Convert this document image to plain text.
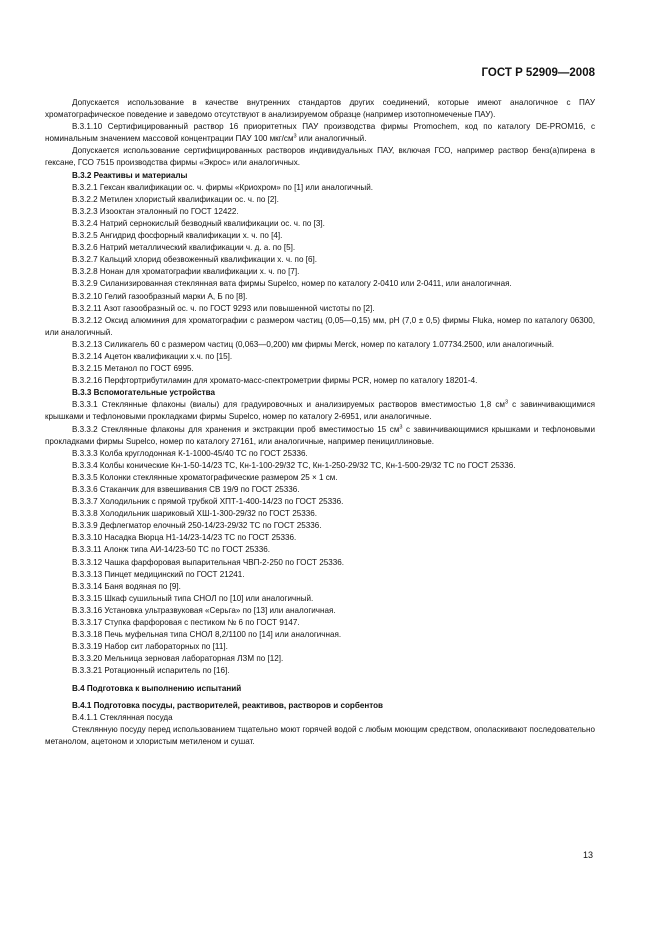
ГОСТ Р 52909—2008

Допускается использование в качестве внутренних стандартов других соединений, которые имеют аналогичное с ПАУ хроматографическое поведение и заведомо отсутствуют в анализируемом образце (например изотопномеченые ПАУ).

В.3.1.10 Сертифицированный раствор 16 приоритетных ПАУ производства фирмы Promochem, код по каталогу DE-PROM16, с номинальным значением массовой концентрации ПАУ 100 мкг/$см^3$ или аналогичный.

Допускается использование сертифицированных растворов индивидуальных ПАУ, включая ГСО, например раствор бенз(а)пирена в гексане, ГСО 7515 производства фирмы «Экрос» или аналогичных.

В.3.2 Реактивы и материалы

В.3.2.1 Гексан квалификации ос. ч. фирмы «Криохром» по [1] или аналогичный.

В.3.2.2 Метилен хлористый квалификации ос. ч. по [2].

В.3.2.3 Изооктан эталонный по ГОСТ 12422.

В.3.2.4 Натрий сернокислый безводный квалификации ос. ч. по [3].

В.3.2.5 Ангидрид фосфорный квалификации х. ч. по [4].

В.3.2.6 Натрий металлический квалификации ч. д. а. по [5].

В.3.2.7 Кальций хлорид обезвоженный квалификации х. ч. по [6].

В.3.2.8 Нонан для хроматографии квалификации х. ч. по [7].

В.3.2.9 Силанизированная стеклянная вата фирмы Supelco, номер по каталогу 2-0410 или 2-0411, или аналогичная.

В.3.2.10 Гелий газообразный марки А, Б по [8].

В.3.2.11 Азот газообразный ос. ч. по ГОСТ 9293 или повышенной чистоты по [2].

В.3.2.12 Оксид алюминия для хроматографии с размером частиц (0,05—0,15) мм, pH (7,0 ± 0,5) фирмы Fluka, номер по каталогу 06300, или аналогичный.

В.3.2.13 Силикагель 60 с размером частиц (0,063—0,200) мм фирмы Merck, номер по каталогу 1.07734.2500, или аналогичный.

В.3.2.14 Ацетон квалификации х.ч. по [15].

В.3.2.15 Метанол по ГОСТ 6995.

В.3.2.16 Перфтортрибутиламин для хромато-масс-спектрометрии фирмы PCR, номер по каталогу 18201-4.

В.3.3 Вспомогательные устройства

В.3.3.1 Стеклянные флаконы (виалы) для градуировочных и анализируемых растворов вместимостью 1,8 $см^3$ с завинчивающимися крышками и тефлоновыми прокладками фирмы Supelco, номер по каталогу 2-6951, или аналогичные.

В.3.3.2 Стеклянные флаконы для хранения и экстракции проб вместимостью 15 $см^3$ с завинчивающимися крышками и тефлоновыми прокладками фирмы Supelco, номер по каталогу 27161, или аналогичные, например пенициллиновые.

В.3.3.3 Колба круглодонная К-1-1000-45/40 ТС по ГОСТ 25336.

В.3.3.4 Колбы конические Кн-1-50-14/23 ТС, Кн-1-100-29/32 ТС, Кн-1-250-29/32 ТС, Кн-1-500-29/32 ТС по ГОСТ 25336.

В.3.3.5 Колонки стеклянные хроматографические размером 25 × 1 см.

В.3.3.6 Стаканчик для взвешивания СВ 19/9 по ГОСТ 25336.

В.3.3.7 Холодильник с прямой трубкой ХПТ-1-400-14/23 по ГОСТ 25336.

В.3.3.8 Холодильник шариковый ХШ-1-300-29/32 по ГОСТ 25336.

В.3.3.9 Дефлегматор елочный 250-14/23-29/32 ТС по ГОСТ 25336.

В.3.3.10 Насадка Вюрца Н1-14/23-14/23 ТС по ГОСТ 25336.

В.3.3.11 Алонж типа АИ-14/23-50 ТС по ГОСТ 25336.

В.3.3.12 Чашка фарфоровая выпарительная ЧВП-2-250 по ГОСТ 25336.

В.3.3.13 Пинцет медицинский по ГОСТ 21241.

В.3.3.14 Баня водяная по [9].

В.3.3.15 Шкаф сушильный типа СНОЛ по [10] или аналогичный.

В.3.3.16 Установка ультразвуковая «Серьга» по [13] или аналогичная.

В.3.3.17 Ступка фарфоровая с пестиком № 6 по ГОСТ 9147.

В.3.3.18 Печь муфельная типа СНОЛ 8,2/1100 по [14] или аналогичная.

В.3.3.19 Набор сит лабораторных по [11].

В.3.3.20 Мельница зерновая лабораторная ЛЗМ по [12].

В.3.3.21 Ротационный испаритель по [16].

В.4 Подготовка к выполнению испытаний

В.4.1 Подготовка посуды, растворителей, реактивов, растворов и сорбентов

В.4.1.1 Стеклянная посуда

Стеклянную посуду перед использованием тщательно моют горячей водой с любым моющим средством, ополаскивают последовательно метанолом, ацетоном и хлористым метиленом и сушат.

13
